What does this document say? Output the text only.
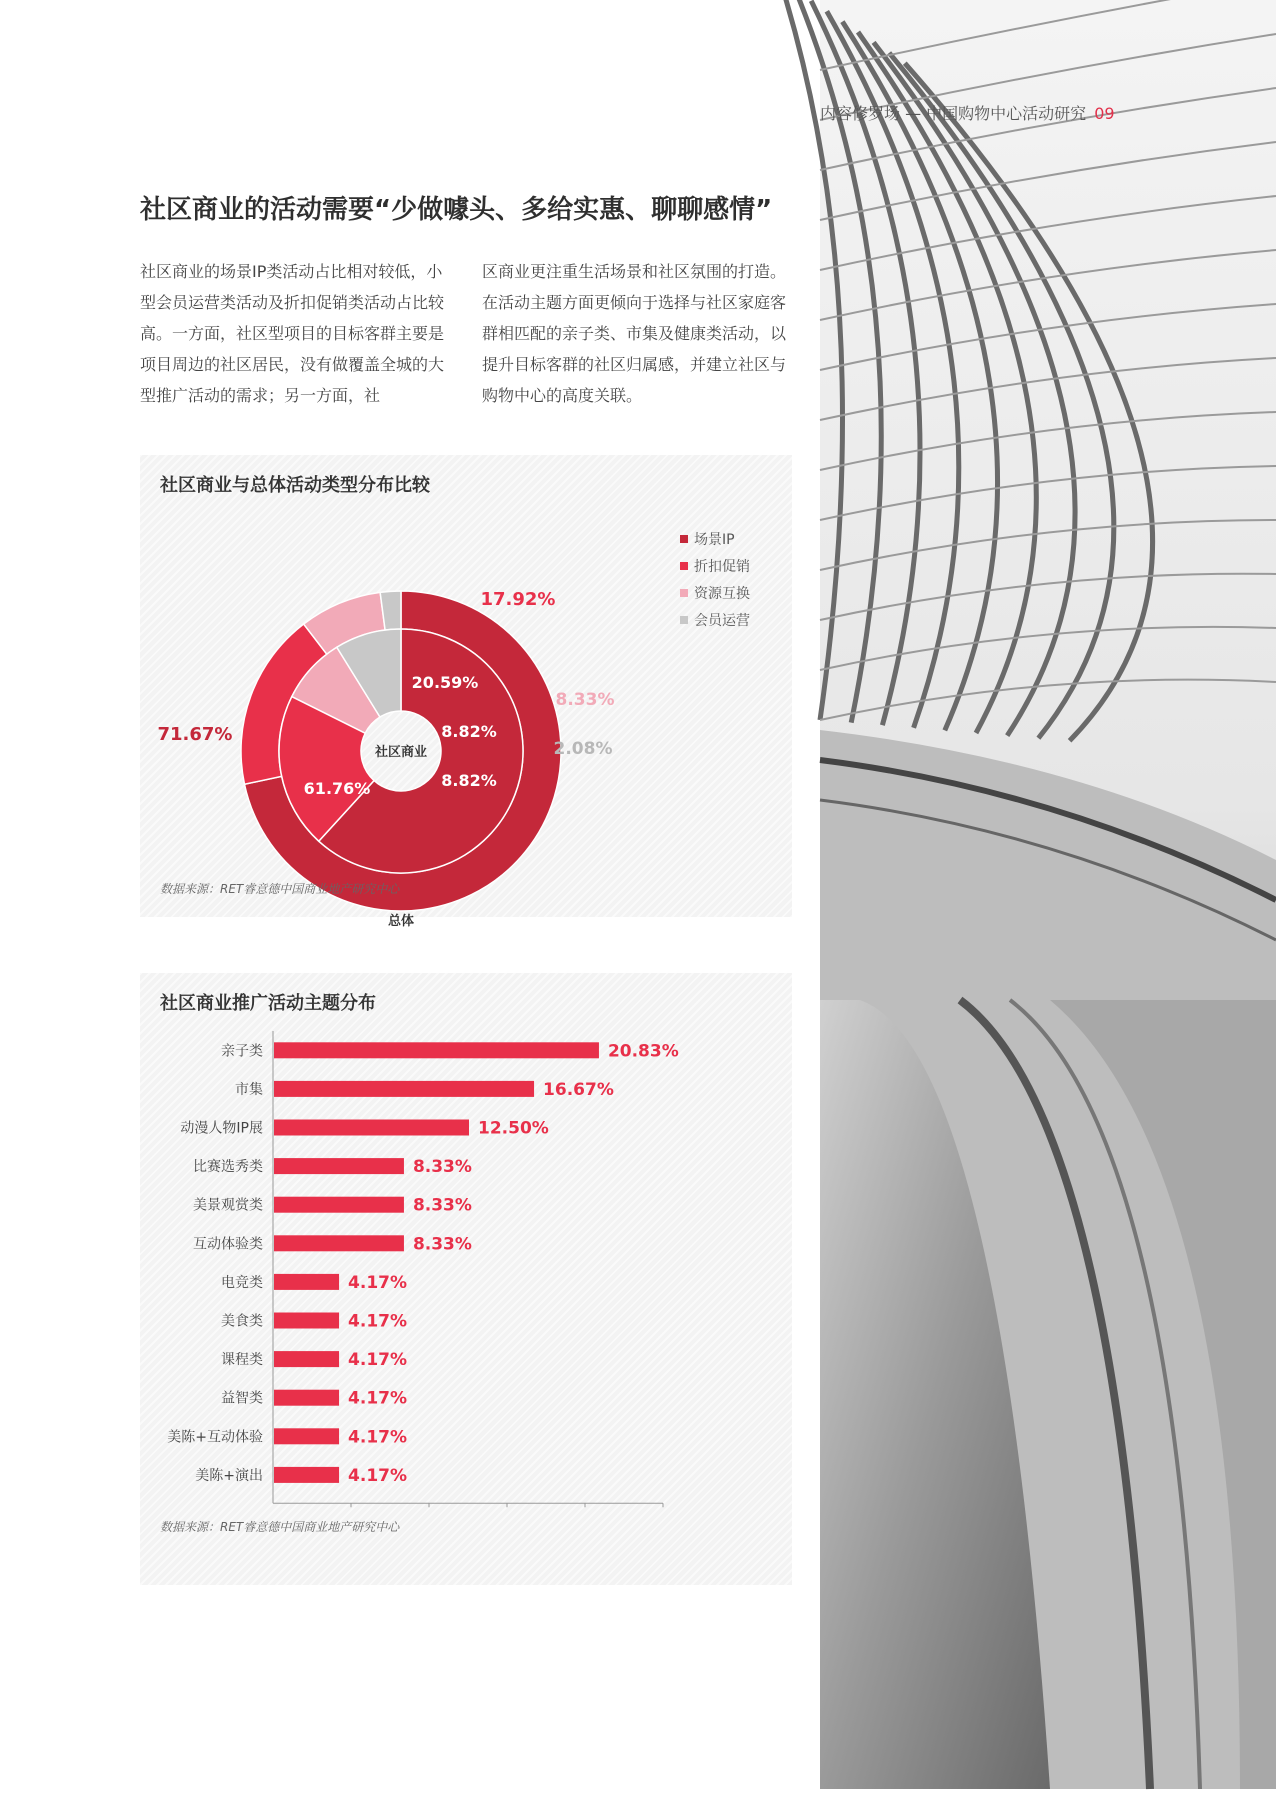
内容修罗场 — 中国购物中心活动研究 09
社区商业的活动需要“少做噱头、多给实惠、聊聊感情”
社区商业的场景IP类活动占比相对较低，小型会员运营类活动及折扣促销类活动占比较高。一方面，社区型项目的目标客群主要是项目周边的社区居民，没有做覆盖全城的大型推广活动的需求；另一方面，社
区商业更注重生活场景和社区氛围的打造。在活动主题方面更倾向于选择与社区家庭客群相匹配的亲子类、市集及健康类活动，以提升目标客群的社区归属感，并建立社区与购物中心的高度关联。
社区商业与总体活动类型分布比较
61.76%
20.59%
8.82%
8.82%
71.67%
17.92%
8.33%
2.08%
社区商业
总体
场景IP
折扣促销
资源互换
会员运营
数据来源：RET睿意德中国商业地产研究中心
社区商业推广活动主题分布
亲子类	20.83%
市集	16.67%
动漫人物IP展	12.50%
比赛选秀类	8.33%
美景观赏类	8.33%
互动体验类	8.33%
电竞类	4.17%
美食类	4.17%
课程类	4.17%
益智类	4.17%
美陈+互动体验	4.17%
美陈+演出	4.17%
数据来源：RET睿意德中国商业地产研究中心
